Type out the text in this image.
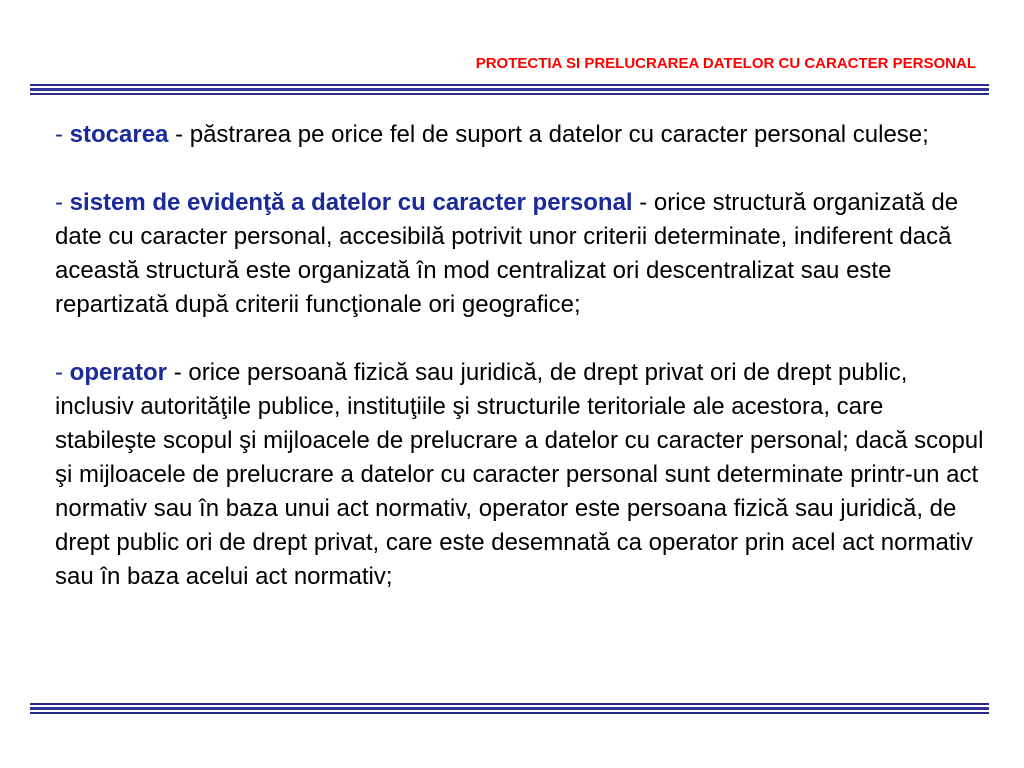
PROTECTIA SI PRELUCRAREA DATELOR CU CARACTER PERSONAL

- stocarea - păstrarea pe orice fel de suport a datelor cu caracter personal culese;

- sistem de evidenţă a datelor cu caracter personal - orice structură organizată de date cu caracter personal, accesibilă potrivit unor criterii determinate, indiferent dacă această structură este organizată în mod centralizat ori descentralizat sau este repartizată după criterii funcţionale ori geografice;

- operator - orice persoană fizică sau juridică, de drept privat ori de drept public, inclusiv autorităţile publice, instituţiile şi structurile teritoriale ale acestora, care stabileşte scopul şi mijloacele de prelucrare a datelor cu caracter personal; dacă scopul şi mijloacele de prelucrare a datelor cu caracter personal sunt determinate printr-un act normativ sau în baza unui act normativ, operator este persoana fizică sau juridică, de drept public ori de drept privat, care este desemnată ca operator prin acel act normativ sau în baza acelui act normativ;
